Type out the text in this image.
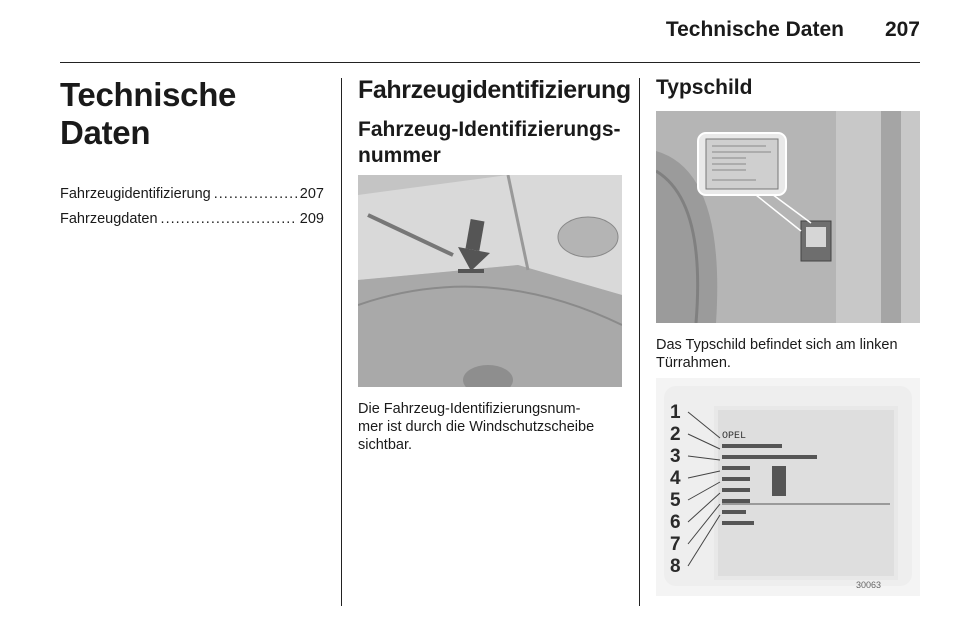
Technische Daten 207
Technische Daten
Fahrzeugidentifizierung .....	207
Fahrzeugdaten .....	209
Fahrzeugidentifizierung
Fahrzeug-Identifizierungs-nummer
Die Fahrzeug-Identifizierungsnum-
mer ist durch die Windschutzscheibe
sichtbar.
Typschild
Das Typschild befindet sich am linken
Türrahmen.
OPEL
30063
1
2
3
4
5
6
7
8
